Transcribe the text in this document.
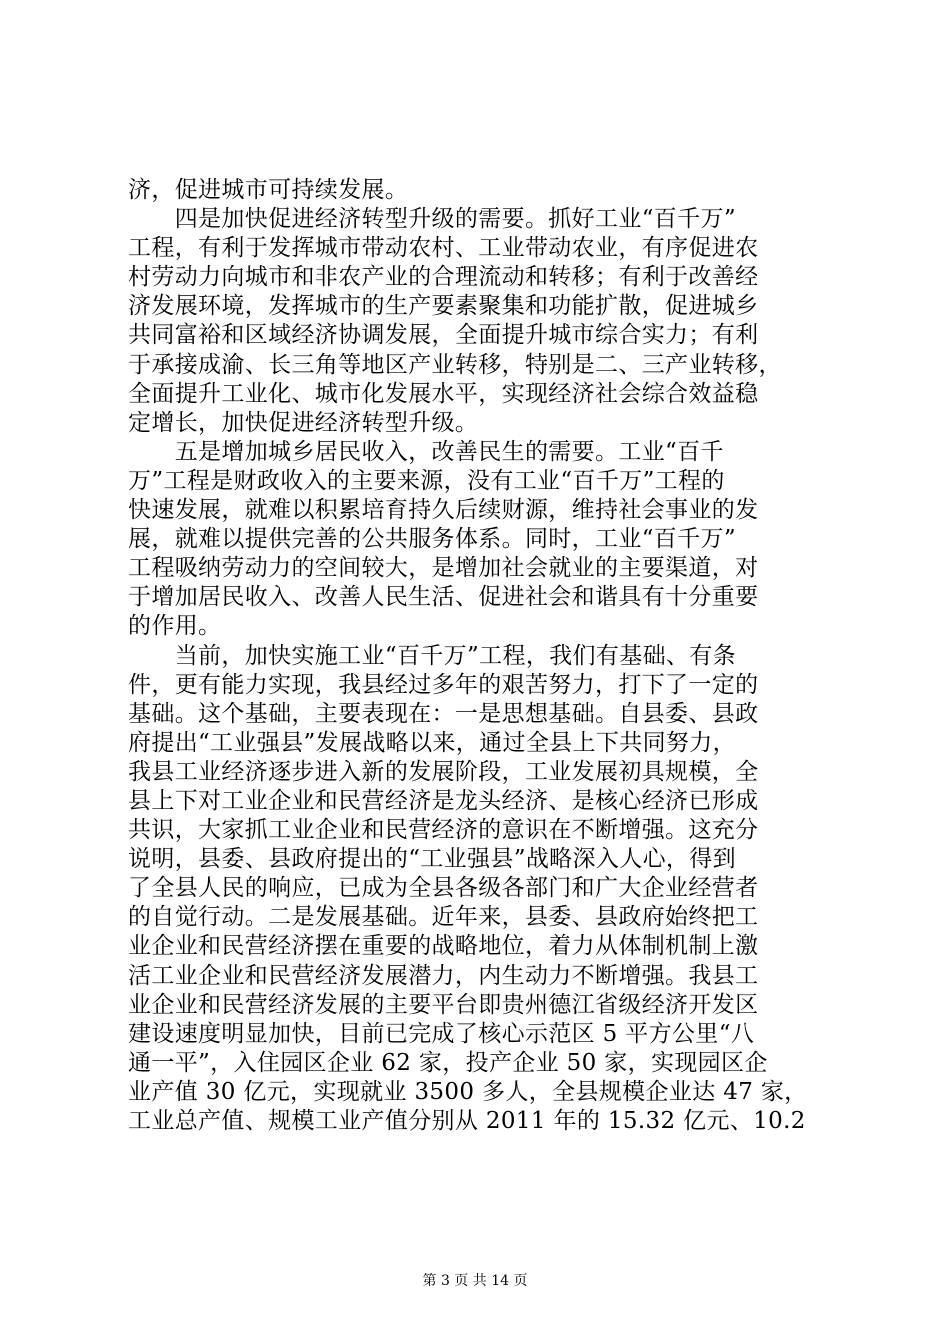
济，促进城市可持续发展。
　　四是加快促进经济转型升级的需要。抓好工业“百千万”
工程，有利于发挥城市带动农村、工业带动农业，有序促进农
村劳动力向城市和非农产业的合理流动和转移；有利于改善经
济发展环境，发挥城市的生产要素聚集和功能扩散，促进城乡
共同富裕和区域经济协调发展，全面提升城市综合实力；有利
于承接成渝、长三角等地区产业转移，特别是二、三产业转移，
全面提升工业化、城市化发展水平，实现经济社会综合效益稳
定增长，加快促进经济转型升级。
　　五是增加城乡居民收入，改善民生的需要。工业“百千
万”工程是财政收入的主要来源，没有工业“百千万”工程的
快速发展，就难以积累培育持久后续财源，维持社会事业的发
展，就难以提供完善的公共服务体系。同时，工业“百千万”
工程吸纳劳动力的空间较大，是增加社会就业的主要渠道，对
于增加居民收入、改善人民生活、促进社会和谐具有十分重要
的作用。
　　当前，加快实施工业“百千万”工程，我们有基础、有条
件，更有能力实现，我县经过多年的艰苦努力，打下了一定的
基础。这个基础，主要表现在：一是思想基础。自县委、县政
府提出“工业强县”发展战略以来，通过全县上下共同努力，
我县工业经济逐步进入新的发展阶段，工业发展初具规模，全
县上下对工业企业和民营经济是龙头经济、是核心经济已形成
共识，大家抓工业企业和民营经济的意识在不断增强。这充分
说明，县委、县政府提出的“工业强县”战略深入人心，得到
了全县人民的响应，已成为全县各级各部门和广大企业经营者
的自觉行动。二是发展基础。近年来，县委、县政府始终把工
业企业和民营经济摆在重要的战略地位，着力从体制机制上激
活工业企业和民营经济发展潜力，内生动力不断增强。我县工
业企业和民营经济发展的主要平台即贵州德江省级经济开发区
建设速度明显加快，目前已完成了核心示范区 5 平方公里“八
通一平”，入住园区企业 62 家，投产企业 50 家，实现园区企
业产值 30 亿元，实现就业 3500 多人，全县规模企业达 47 家，
工业总产值、规模工业产值分别从 2011 年的 15.32 亿元、10.2
第 3 页 共 14 页
